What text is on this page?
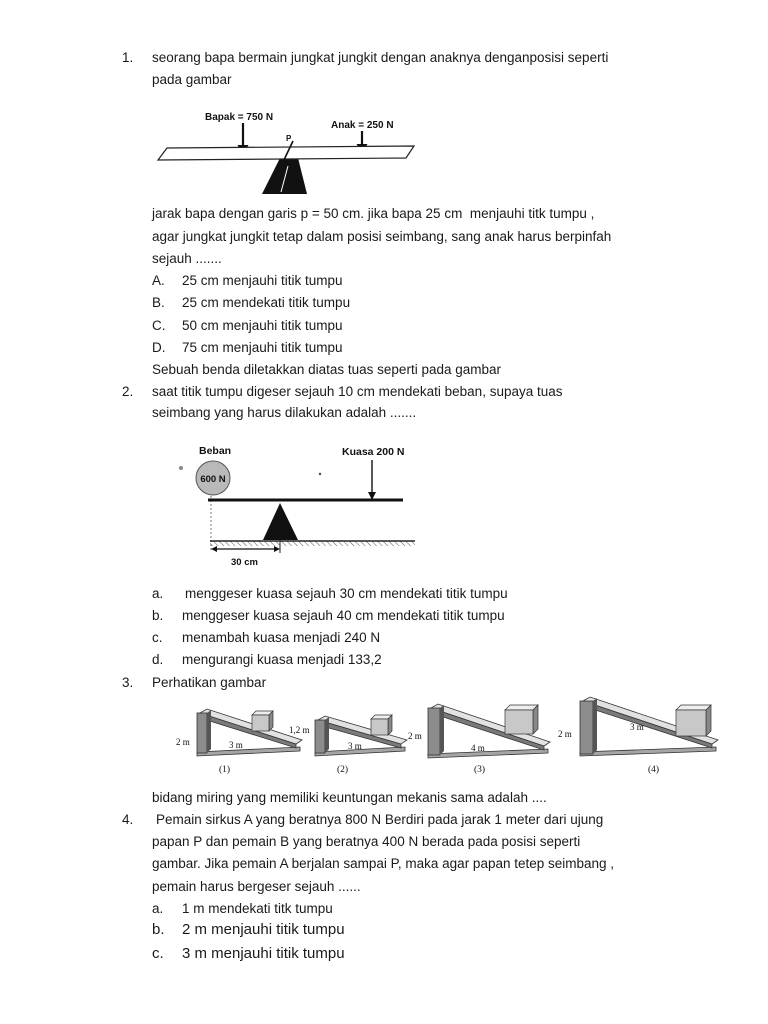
1. seorang bapa bermain jungkat jungkit dengan anaknya denganposisi seperti
pada gambar
Bapak = 750 N
Anak = 250 N
P
jarak bapa dengan garis p = 50 cm. jika bapa 25 cm  menjauhi titk tumpu ,
agar jungkat jungkit tetap dalam posisi seimbang, sang anak harus berpinfah
sejauh .......
A. 25 cm menjauhi titik tumpu
B. 25 cm mendekati titik tumpu
C. 50 cm menjauhi titik tumpu
D. 75 cm menjauhi titik tumpu
Sebuah benda diletakkan diatas tuas seperti pada gambar
2. saat titik tumpu digeser sejauh 10 cm mendekati beban, supaya tuas
seimbang yang harus dilakukan adalah .......
Beban
600 N
Kuasa 200 N
30 cm
a. menggeser kuasa sejauh 30 cm mendekati titik tumpu
b. menggeser kuasa sejauh 40 cm mendekati titik tumpu
c. menambah kuasa menjadi 240 N
d. mengurangi kuasa menjadi 133,2
3. Perhatikan gambar
2 m	3 m
(1)
1,2 m
3 m
(2)
2 m
4 m
(3)
2 m
3 m
(4)
bidang miring yang memiliki keuntungan mekanis sama adalah ....
4. Pemain sirkus A yang beratnya 800 N Berdiri pada jarak 1 meter dari ujung
papan P dan pemain B yang beratnya 400 N berada pada posisi seperti
gambar. Jika pemain A berjalan sampai P, maka agar papan tetep seimbang ,
pemain harus bergeser sejauh ......
a. 1 m mendekati titk tumpu
b. 2 m menjauhi titik tumpu
c. 3 m menjauhi titik tumpu
